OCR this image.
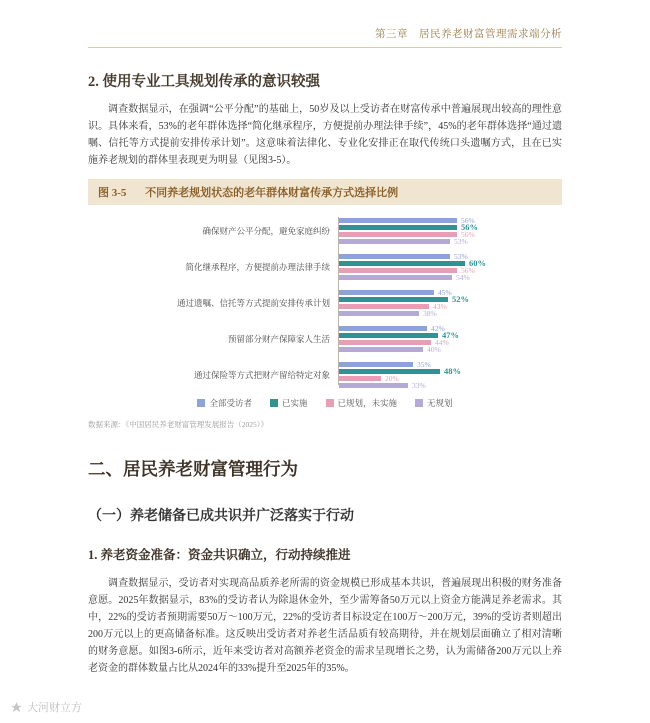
第三章　居民养老财富管理需求端分析
2. 使用专业工具规划传承的意识较强

调查数据显示，在强调“公平分配”的基础上，50岁及以上受访者在财富传承中普遍展现出较高的理性意识。具体来看，53%的老年群体选择“简化继承程序，方便提前办理法律手续”，45%的老年群体选择“通过遗嘱、信托等方式提前安排传承计划”。这意味着法律化、专业化安排正在取代传统口头遗嘱方式，且在已实施养老规划的群体里表现更为明显（见图3-5）。

图 3-5 不同养老规划状态的老年群体财富传承方式选择比例
确保财产公平分配，避免家庭纠纷
56%
56%
56%
53%
简化继承程序，方便提前办理法律手续
53%
60%
56%
54%
通过遗嘱、信托等方式提前安排传承计划
45%
52%
43%
38%
预留部分财产保障家人生活
42%
47%
44%
40%
通过保险等方式把财产留给特定对象
35%
48%
20%
33%
全部受访者	已实施	已规划，未实施	无规划
数据来源：《中国居民养老财富管理发展报告（2025）》
二、居民养老财富管理行为
（一）养老储备已成共识并广泛落实于行动
1. 养老资金准备：资金共识确立，行动持续推进

调查数据显示，受访者对实现高品质养老所需的资金规模已形成基本共识，普遍展现出积极的财务准备意愿。2025年数据显示，83%的受访者认为除退休金外，至少需筹备50万元以上资金方能满足养老需求。其中，22%的受访者预期需要50万～100万元，22%的受访者目标设定在100万～200万元，39%的受访者则超出200万元以上的更高储备标准。这反映出受访者对养老生活品质有较高期待，并在规划层面确立了相对清晰的财务意愿。如图3-6所示，近年来受访者对高额养老资金的需求呈现增长之势，认为需储备200万元以上养老资金的群体数量占比从2024年的33%提升至2025年的35%。

大河财立方
